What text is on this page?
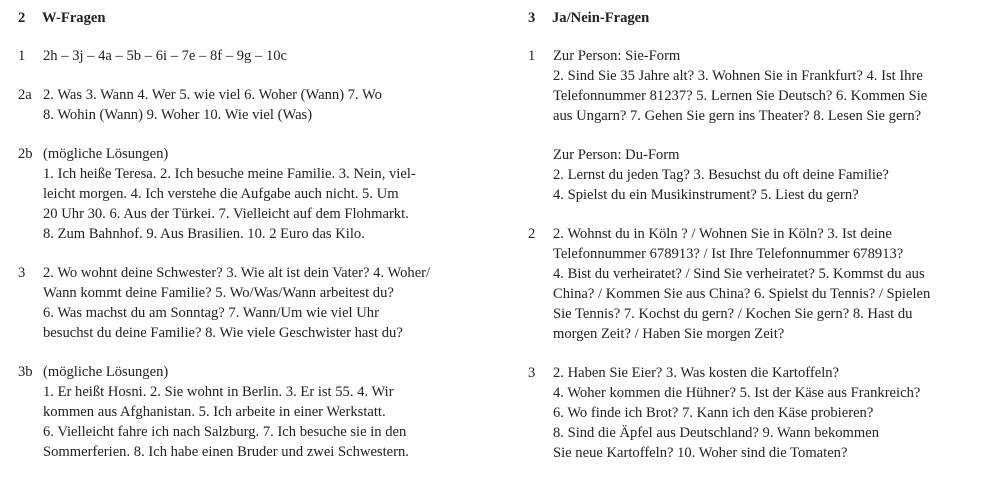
2	W-Fragen
1	2h – 3j – 4a – 5b – 6i – 7e – 8f – 9g – 10c
2a 2. Was 3. Wann 4. Wer 5. wie viel 6. Woher (Wann) 7. Wo
8. Wohin (Wann) 9. Woher 10. Wie viel (Was)
2b (mögliche Lösungen)
1. Ich heiße Teresa. 2. Ich besuche meine Familie. 3. Nein, viel-
leicht morgen. 4. Ich verstehe die Aufgabe auch nicht. 5. Um
20 Uhr 30. 6. Aus der Türkei. 7. Vielleicht auf dem Flohmarkt.
8. Zum Bahnhof. 9. Aus Brasilien. 10. 2 Euro das Kilo.
3	2. Wo wohnt deine Schwester? 3. Wie alt ist dein Vater? 4. Woher/
Wann kommt deine Familie? 5. Wo/Was/Wann arbeitest du?
6. Was machst du am Sonntag? 7. Wann/Um wie viel Uhr
besuchst du deine Familie? 8. Wie viele Geschwister hast du?
3b (mögliche Lösungen)
1. Er heißt Hosni. 2. Sie wohnt in Berlin. 3. Er ist 55. 4. Wir
kommen aus Afghanistan. 5. Ich arbeite in einer Werkstatt.
6. Vielleicht fahre ich nach Salzburg. 7. Ich besuche sie in den
Sommerferien. 8. Ich habe einen Bruder und zwei Schwestern.
3	Ja/Nein-Fragen
1	Zur Person: Sie-Form
2. Sind Sie 35 Jahre alt? 3. Wohnen Sie in Frankfurt? 4. Ist Ihre
Telefonnummer 81237? 5. Lernen Sie Deutsch? 6. Kommen Sie
aus Ungarn? 7. Gehen Sie gern ins Theater? 8. Lesen Sie gern?
Zur Person: Du-Form
2. Lernst du jeden Tag? 3. Besuchst du oft deine Familie?
4. Spielst du ein Musikinstrument? 5. Liest du gern?
2	2. Wohnst du in Köln ? / Wohnen Sie in Köln? 3. Ist deine
Telefonnummer 678913? / Ist Ihre Telefonnummer 678913?
4. Bist du verheiratet? / Sind Sie verheiratet? 5. Kommst du aus
China? / Kommen Sie aus China? 6. Spielst du Tennis? / Spielen
Sie Tennis? 7. Kochst du gern? / Kochen Sie gern? 8. Hast du
morgen Zeit? / Haben Sie morgen Zeit?
3	2. Haben Sie Eier? 3. Was kosten die Kartoffeln?
4. Woher kommen die Hühner? 5. Ist der Käse aus Frankreich?
6. Wo finde ich Brot? 7. Kann ich den Käse probieren?
8. Sind die Äpfel aus Deutschland? 9. Wann bekommen
Sie neue Kartoffeln? 10. Woher sind die Tomaten?
